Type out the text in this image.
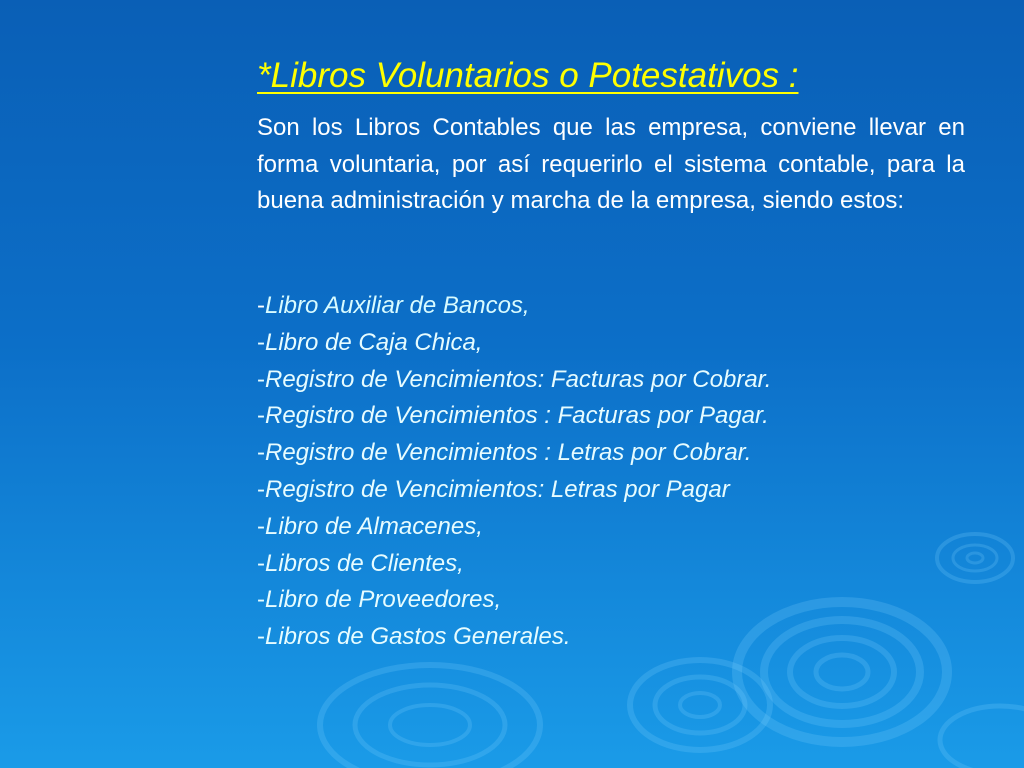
*Libros Voluntarios o Potestativos :

Son los Libros Contables que las empresa, conviene llevar en forma voluntaria, por así requerirlo el sistema contable, para la buena administración y marcha de la empresa, siendo estos:

-Libro Auxiliar de Bancos,
-Libro de Caja Chica,
-Registro de Vencimientos: Facturas por Cobrar.
-Registro de Vencimientos : Facturas por Pagar.
-Registro de Vencimientos : Letras por Cobrar.
-Registro de Vencimientos: Letras por Pagar
-Libro de Almacenes,
-Libros de Clientes,
-Libro de Proveedores,
-Libros de Gastos Generales.
